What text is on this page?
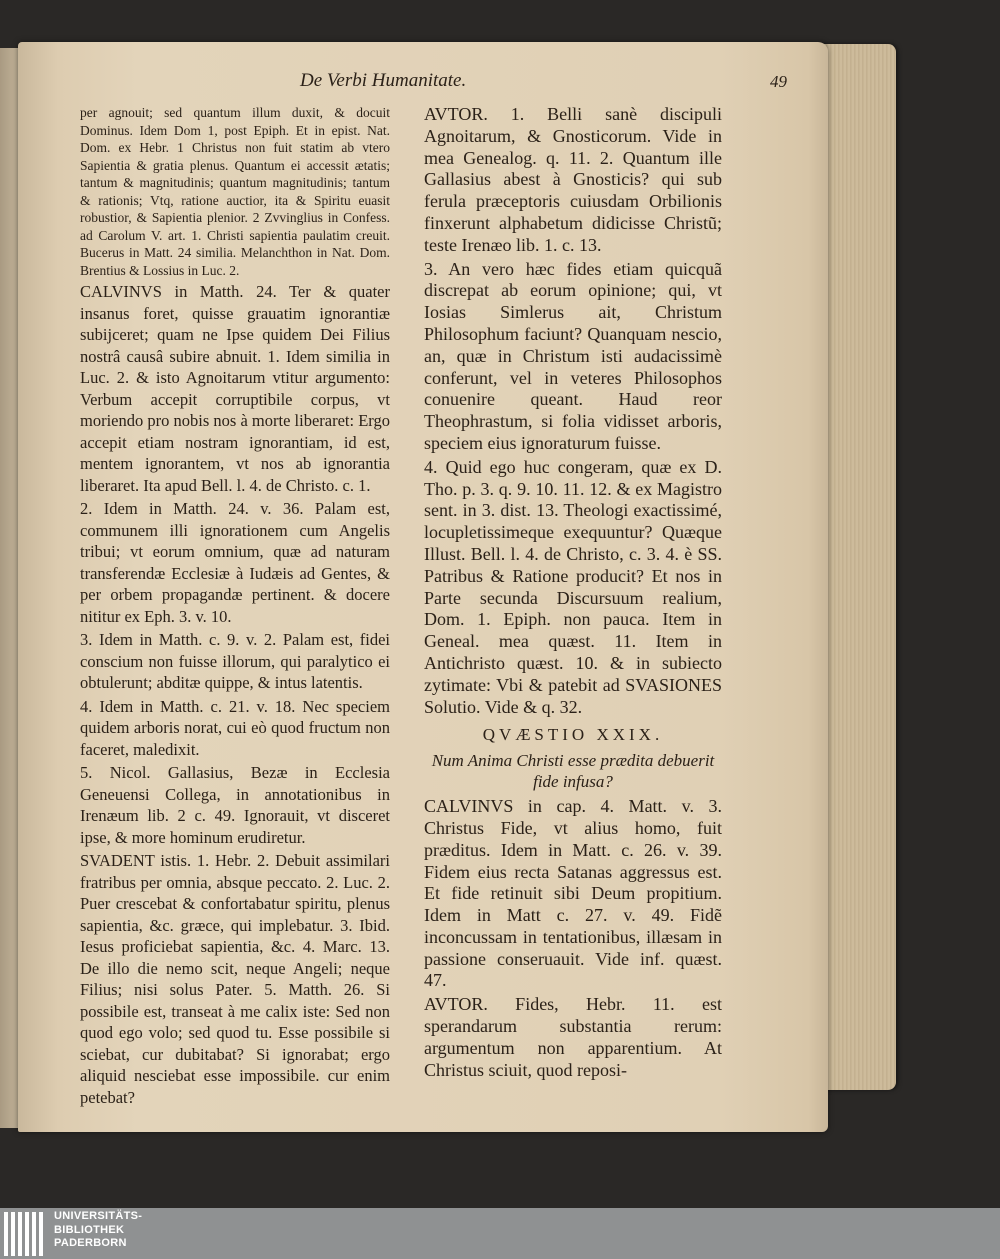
De Verbi Humanitate.	49

per agnouit; sed quantum illum duxit, & docuit Dominus. Idem Dom 1, post Epiph. Et in epist. Nat. Dom. ex Hebr. 1 Christus non fuit statim ab vtero Sapientia & gratia plenus. Quantum ei accessit ætatis; tantum & magnitudinis; quantum magnitudinis; tantum & rationis; Vtq, ratione auctior, ita & Spiritu euasit robustior, & Sapientia plenior. 2 Zvvinglius in Confess. ad Carolum V. art. 1. Christi sapientia paulatim creuit. Bucerus in Matt. 24 similia. Melanchthon in Nat. Dom. Brentius & Lossius in Luc. 2.

CALVINVS in Matth. 24. Ter & quater insanus foret, quisse grauatim ignorantiæ subijceret; quam ne Ipse quidem Dei Filius nostrâ causâ subire abnuit. 1. Idem similia in Luc. 2. & isto Agnoitarum vtitur argumento: Verbum accepit corruptibile corpus, vt moriendo pro nobis nos à morte liberaret: Ergo accepit etiam nostram ignorantiam, id est, mentem ignorantem, vt nos ab ignorantia liberaret. Ita apud Bell. l. 4. de Christo. c. 1.

2. Idem in Matth. 24. v. 36. Palam est, communem illi ignorationem cum Angelis tribui; vt eorum omnium, quæ ad naturam transferendæ Ecclesiæ à Iudæis ad Gentes, & per orbem propagandæ pertinent. & docere nititur ex Eph. 3. v. 10.

3. Idem in Matth. c. 9. v. 2. Palam est, fidei conscium non fuisse illorum, qui paralytico ei obtulerunt; abditæ quippe, & intus latentis.

4. Idem in Matth. c. 21. v. 18. Nec speciem quidem arboris norat, cui eò quod fructum non faceret, maledixit.

5. Nicol. Gallasius, Bezæ in Ecclesia Geneuensi Collega, in annotationibus in Irenæum lib. 2 c. 49. Ignorauit, vt disceret ipse, & more hominum erudiretur.

SVADENT istis. 1. Hebr. 2. Debuit assimilari fratribus per omnia, absque peccato. 2. Luc. 2. Puer crescebat & confortabatur spiritu, plenus sapientia, &c. græce, qui implebatur. 3. Ibid. Iesus proficiebat sapientia, &c. 4. Marc. 13. De illo die nemo scit, neque Angeli; neque Filius; nisi solus Pater. 5. Matth. 26. Si possibile est, transeat à me calix iste: Sed non quod ego volo; sed quod tu. Esse possibile si sciebat, cur dubitabat? Si ignorabat; ergo aliquid nesciebat esse impossibile. cur enim petebat?

AVTOR. 1. Belli sanè discipuli Agnoitarum, & Gnosticorum. Vide in mea Genealog. q. 11. 2. Quantum ille Gallasius abest à Gnosticis? qui sub ferula præceptoris cuiusdam Orbilionis finxerunt alphabetum didicisse Christũ; teste Irenæo lib. 1. c. 13.

3. An vero hæc fides etiam quicquã discrepat ab eorum opinione; qui, vt Iosias Simlerus ait, Christum Philosophum faciunt? Quanquam nescio, an, quæ in Christum isti audacissimè conferunt, vel in veteres Philosophos conuenire queant. Haud reor Theophrastum, si folia vidisset arboris, speciem eius ignoraturum fuisse.

4. Quid ego huc congeram, quæ ex D. Tho. p. 3. q. 9. 10. 11. 12. & ex Magistro sent. in 3. dist. 13. Theologi exactissimé, locupletissimeque exequuntur? Quæque Illust. Bell. l. 4. de Christo, c. 3. 4. è SS. Patribus & Ratione producit? Et nos in Parte secunda Discursuum realium, Dom. 1. Epiph. non pauca. Item in Geneal. mea quæst. 11. Item in Antichristo quæst. 10. & in subiecto zytimate: Vbi & patebit ad SVASIONES Solutio. Vide & q. 32.

QVÆSTIO XXIX.
Num Anima Christi esse prædita debuerit fide infusa?

CALVINVS in cap. 4. Matt. v. 3. Christus Fide, vt alius homo, fuit præditus. Idem in Matt. c. 26. v. 39. Fidem eius recta Satanas aggressus est. Et fide retinuit sibi Deum propitium. Idem in Matt c. 27. v. 49. Fidẽ inconcussam in tentationibus, illæsam in passione conseruauit. Vide inf. quæst. 47.

AVTOR. Fides, Hebr. 11. est sperandarum substantia rerum: argumentum non apparentium. At Christus sciuit, quod reposi-

UNIVERSITÄTS-
BIBLIOTHEK
PADERBORN
